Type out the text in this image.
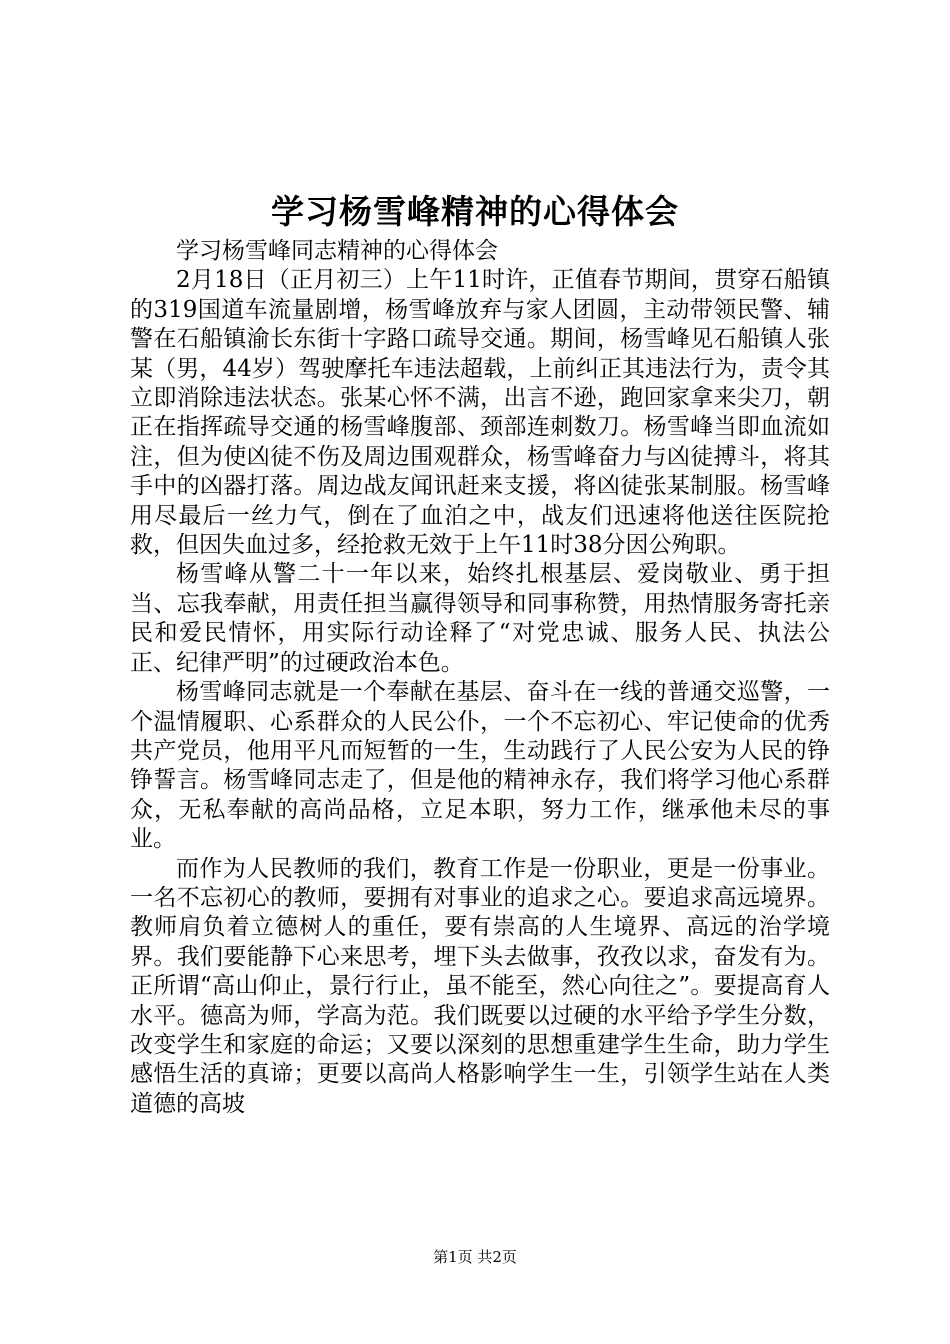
学习杨雪峰精神的心得体会

学习杨雪峰同志精神的心得体会

2月18日（正月初三）上午11时许，正值春节期间，贯穿石船镇的319国道车流量剧增，杨雪峰放弃与家人团圆，主动带领民警、辅警在石船镇渝长东街十字路口疏导交通。期间，杨雪峰见石船镇人张某（男，44岁）驾驶摩托车违法超载，上前纠正其违法行为，责令其立即消除违法状态。张某心怀不满，出言不逊，跑回家拿来尖刀，朝正在指挥疏导交通的杨雪峰腹部、颈部连刺数刀。杨雪峰当即血流如注，但为使凶徒不伤及周边围观群众，杨雪峰奋力与凶徒搏斗，将其手中的凶器打落。周边战友闻讯赶来支援，将凶徒张某制服。杨雪峰用尽最后一丝力气，倒在了血泊之中，战友们迅速将他送往医院抢救，但因失血过多，经抢救无效于上午11时38分因公殉职。

杨雪峰从警二十一年以来，始终扎根基层、爱岗敬业、勇于担当、忘我奉献，用责任担当赢得领导和同事称赞，用热情服务寄托亲民和爱民情怀，用实际行动诠释了“对党忠诚、服务人民、执法公正、纪律严明”的过硬政治本色。

杨雪峰同志就是一个奉献在基层、奋斗在一线的普通交巡警，一个温情履职、心系群众的人民公仆，一个不忘初心、牢记使命的优秀共产党员，他用平凡而短暂的一生，生动践行了人民公安为人民的铮铮誓言。杨雪峰同志走了，但是他的精神永存，我们将学习他心系群众，无私奉献的高尚品格，立足本职，努力工作，继承他未尽的事业。

而作为人民教师的我们，教育工作是一份职业，更是一份事业。一名不忘初心的教师，要拥有对事业的追求之心。要追求高远境界。教师肩负着立德树人的重任，要有崇高的人生境界、高远的治学境界。我们要能静下心来思考，埋下头去做事，孜孜以求，奋发有为。正所谓“高山仰止，景行行止，虽不能至，然心向往之”。要提高育人水平。德高为师，学高为范。我们既要以过硬的水平给予学生分数，改变学生和家庭的命运；又要以深刻的思想重建学生生命，助力学生感悟生活的真谛；更要以高尚人格影响学生一生，引领学生站在人类道德的高坡

第1页 共2页
